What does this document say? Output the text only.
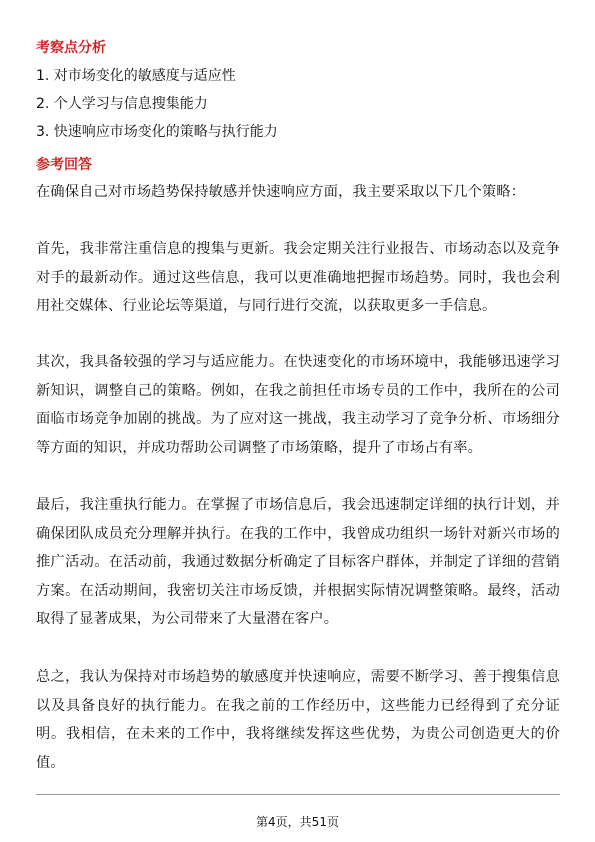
考察点分析
1. 对市场变化的敏感度与适应性
2. 个人学习与信息搜集能力
3. 快速响应市场变化的策略与执行能力
参考回答

在确保自己对市场趋势保持敏感并快速响应方面，我主要采取以下几个策略：

首先，我非常注重信息的搜集与更新。我会定期关注行业报告、市场动态以及竞争对手的最新动作。通过这些信息，我可以更准确地把握市场趋势。同时，我也会利用社交媒体、行业论坛等渠道，与同行进行交流，以获取更多一手信息。

其次，我具备较强的学习与适应能力。在快速变化的市场环境中，我能够迅速学习新知识，调整自己的策略。例如，在我之前担任市场专员的工作中，我所在的公司面临市场竞争加剧的挑战。为了应对这一挑战，我主动学习了竞争分析、市场细分等方面的知识，并成功帮助公司调整了市场策略，提升了市场占有率。

最后，我注重执行能力。在掌握了市场信息后，我会迅速制定详细的执行计划，并确保团队成员充分理解并执行。在我的工作中，我曾成功组织一场针对新兴市场的推广活动。在活动前，我通过数据分析确定了目标客户群体，并制定了详细的营销方案。在活动期间，我密切关注市场反馈，并根据实际情况调整策略。最终，活动取得了显著成果，为公司带来了大量潜在客户。

总之，我认为保持对市场趋势的敏感度并快速响应，需要不断学习、善于搜集信息以及具备良好的执行能力。在我之前的工作经历中，这些能力已经得到了充分证明。我相信，在未来的工作中，我将继续发挥这些优势，为贵公司创造更大的价值。

第4页，共51页
